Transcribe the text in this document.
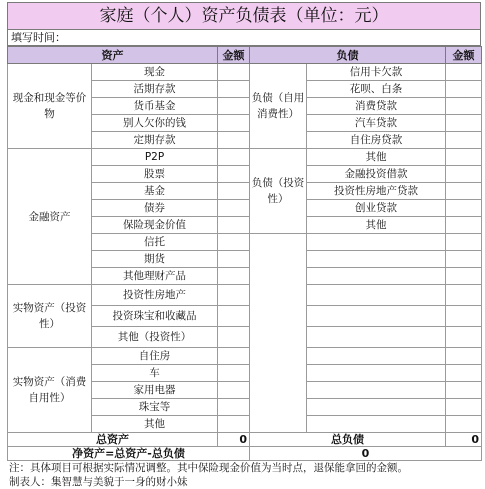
家庭（个人）资产负债表（单位：元）
填写时间：
资产		金额	负债		金额
现金和现金等价物	现金		负债（自用消费性）	信用卡欠款	
	活期存款			花呗、白条	
	货币基金			消费贷款	
	别人欠你的钱			汽车贷款	
	定期存款			自住房贷款	
金融资产	P2P		负债（投资性）	其他	
	股票			金融投资借款	
	基金			投资性房地产贷款	
	债券			创业贷款	
	保险现金价值			其他	
	信托				
	期货				
	其他理财产品				
实物资产（投资性）	投资性房地产				
	投资珠宝和收藏品				
	其他（投资性）				
实物资产（消费自用性）	自住房				
	车				
	家用电器				
	珠宝等				
	其他				
总资产		0	总负债		0
净资产=总资产-总负债			0		
注：具体项目可根据实际情况调整。其中保险现金价值为当时点，退保能拿回的金额。
制表人：集智慧与美貌于一身的财小妹
